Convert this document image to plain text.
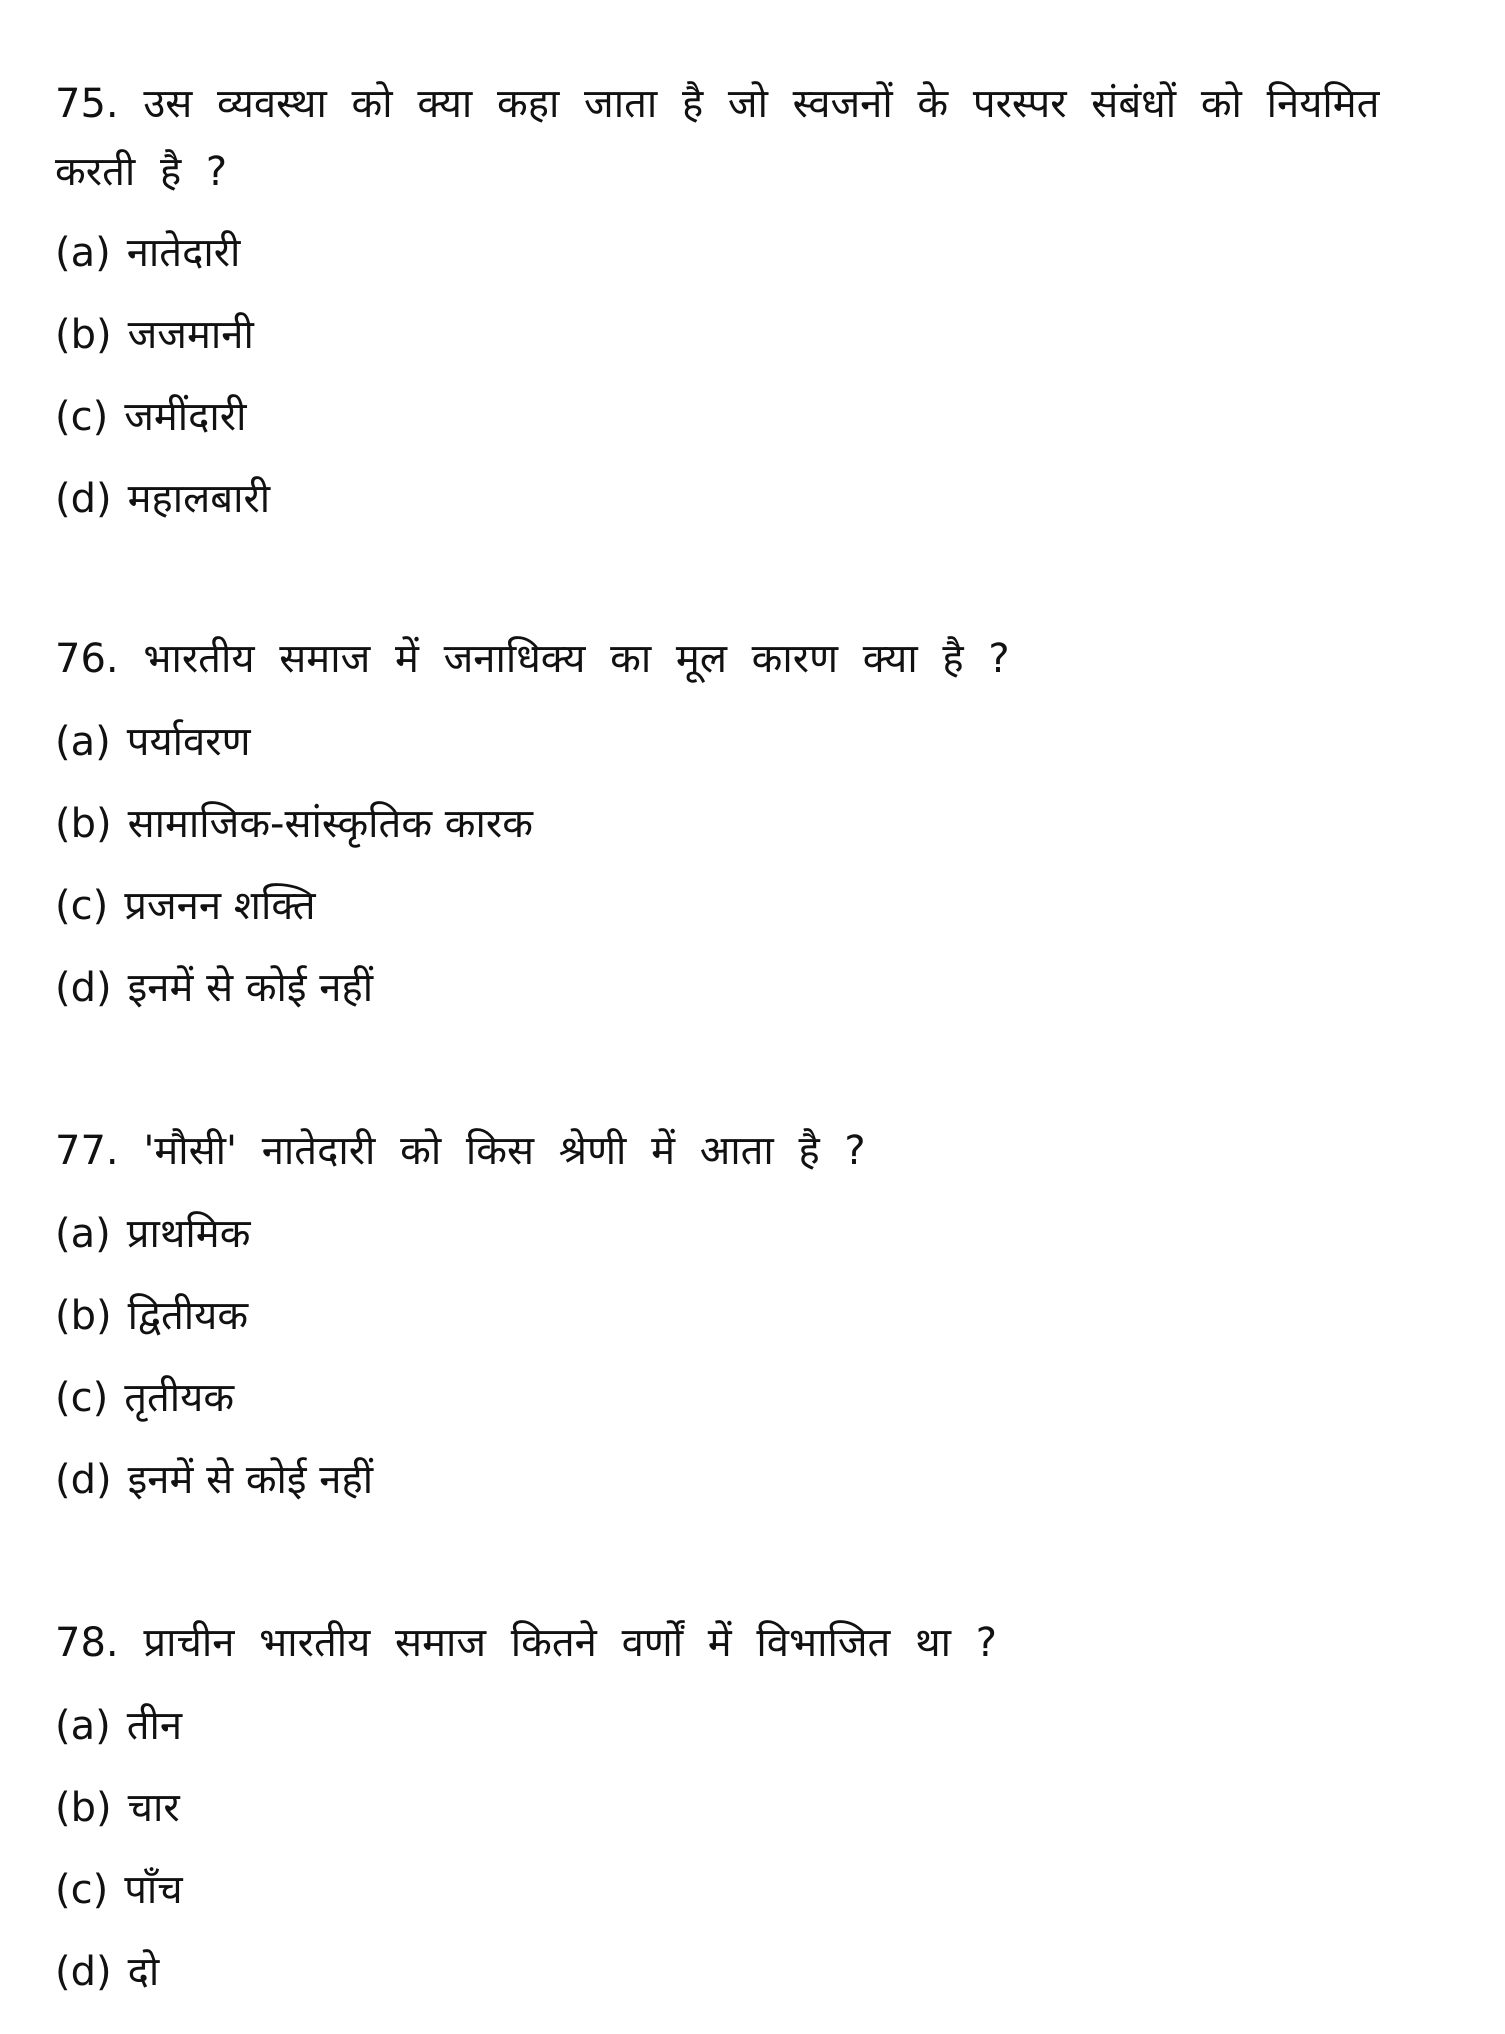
75. उस व्यवस्था को क्या कहा जाता है जो स्वजनों के परस्पर संबंधों को नियमित करती है ?

(a) नातेदारी
(b) जजमानी
(c) जमींदारी
(d) महालबारी

76. भारतीय समाज में जनाधिक्य का मूल कारण क्या है ?

(a) पर्यावरण
(b) सामाजिक-सांस्कृतिक कारक
(c) प्रजनन शक्ति
(d) इनमें से कोई नहीं

77. 'मौसी' नातेदारी को किस श्रेणी में आता है ?

(a) प्राथमिक
(b) द्वितीयक
(c) तृतीयक
(d) इनमें से कोई नहीं

78. प्राचीन भारतीय समाज कितने वर्णों में विभाजित था ?

(a) तीन
(b) चार
(c) पाँच
(d) दो
